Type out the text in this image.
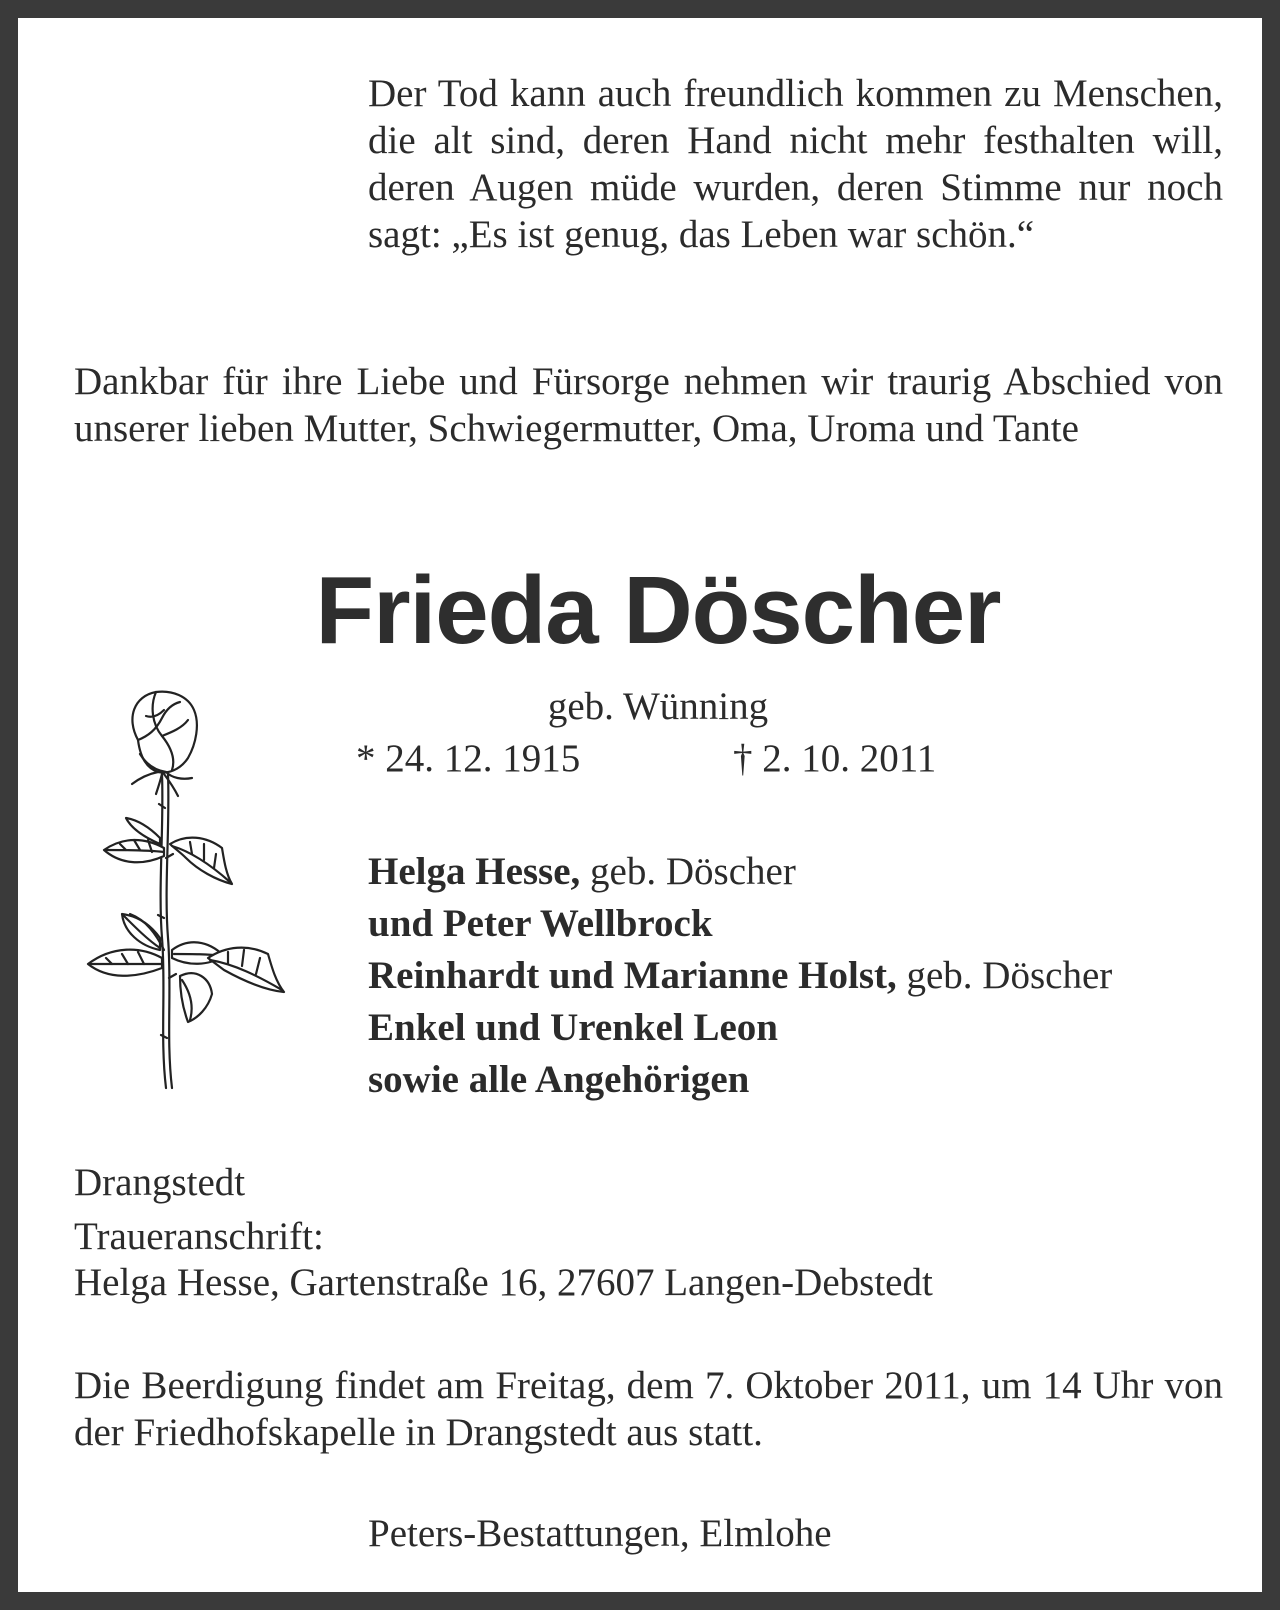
Der Tod kann auch freundlich kommen zu Menschen, die alt sind, deren Hand nicht mehr festhalten will, deren Augen müde wurden, deren Stimme nur noch sagt: „Es ist genug, das Leben war schön.“
Dankbar für ihre Liebe und Fürsorge nehmen wir traurig Abschied von unserer lieben Mutter, Schwiegermutter, Oma, Uroma und Tante
Frieda Döscher
geb. Wünning
* 24. 12. 1915	† 2. 10. 2011
Helga Hesse, geb. Döscher
und Peter Wellbrock
Reinhardt und Marianne Holst, geb. Döscher
Enkel und Urenkel Leon
sowie alle Angehörigen
Drangstedt
Traueranschrift:
Helga Hesse, Gartenstraße 16, 27607 Langen-Debstedt
Die Beerdigung findet am Freitag, dem 7. Oktober 2011, um 14 Uhr von der Friedhofskapelle in Drangstedt aus statt.
Peters-Bestattungen, Elmlohe
